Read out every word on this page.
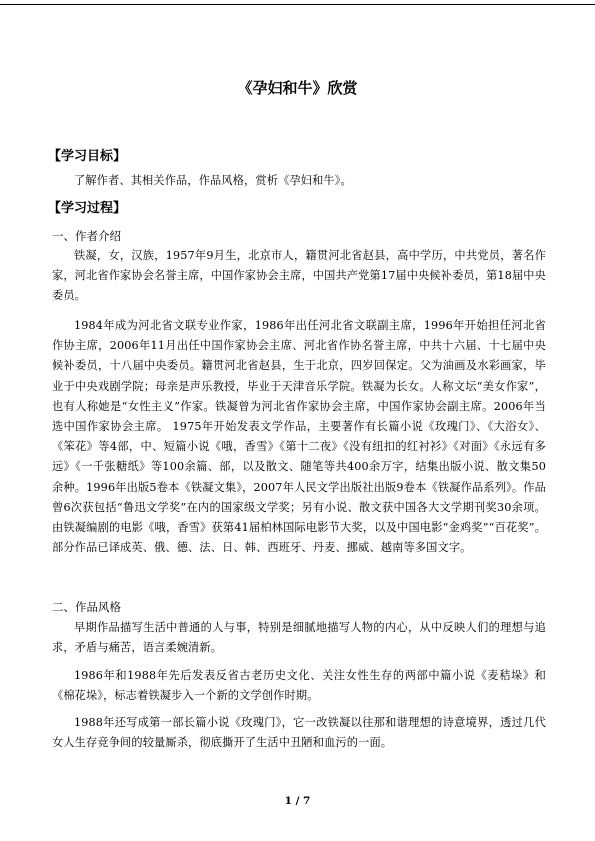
《孕妇和牛》欣赏
【学习目标】
了解作者、其相关作品，作品风格，赏析《孕妇和牛》。
【学习过程】
一、作者介绍
铁凝，女，汉族，1957年9月生，北京市人，籍贯河北省赵县，高中学历，中共党员，著名作家，河北省作家协会名誉主席，中国作家协会主席，中国共产党第17届中央候补委员，第18届中央委员。
1984年成为河北省文联专业作家，1986年出任河北省文联副主席，1996年开始担任河北省作协主席，2006年11月出任中国作家协会主席、河北省作协名誉主席，中共十六届、十七届中央候补委员，十八届中央委员。籍贯河北省赵县，生于北京，四岁回保定。父为油画及水彩画家，毕业于中央戏剧学院；母亲是声乐教授，毕业于天津音乐学院。铁凝为长女。人称文坛“美女作家”，也有人称她是“女性主义”作家。铁凝曾为河北省作家协会主席，中国作家协会副主席。2006年当选中国作家协会主席。 1975年开始发表文学作品，主要著作有长篇小说《玫瑰门》、《大浴女》、《笨花》等4部，中、短篇小说《哦，香雪》《第十二夜》《没有纽扣的红衬衫》《对面》《永远有多远》《一千张糖纸》等100余篇、部，以及散文、随笔等共400余万字，结集出版小说、散文集50余种。1996年出版5卷本《铁凝文集》，2007年人民文学出版社出版9卷本《铁凝作品系列》。作品曾6次获包括“鲁迅文学奖”在内的国家级文学奖；另有小说、散文获中国各大文学期刊奖30余项。由铁凝编剧的电影《哦，香雪》获第41届柏林国际电影节大奖，以及中国电影“金鸡奖”“百花奖”。部分作品已译成英、俄、德、法、日、韩、西班牙、丹麦、挪威、越南等多国文字。
二、作品风格
早期作品描写生活中普通的人与事，特别是细腻地描写人物的内心，从中反映人们的理想与追求，矛盾与痛苦，语言柔婉清新。
1986年和1988年先后发表反省古老历史文化、关注女性生存的两部中篇小说《麦秸垛》和《棉花垛》，标志着铁凝步入一个新的文学创作时期。
1988年还写成第一部长篇小说《玫瑰门》，它一改铁凝以往那和谐理想的诗意境界，透过几代女人生存竞争间的较量厮杀，彻底撕开了生活中丑陋和血污的一面。
1 / 7
